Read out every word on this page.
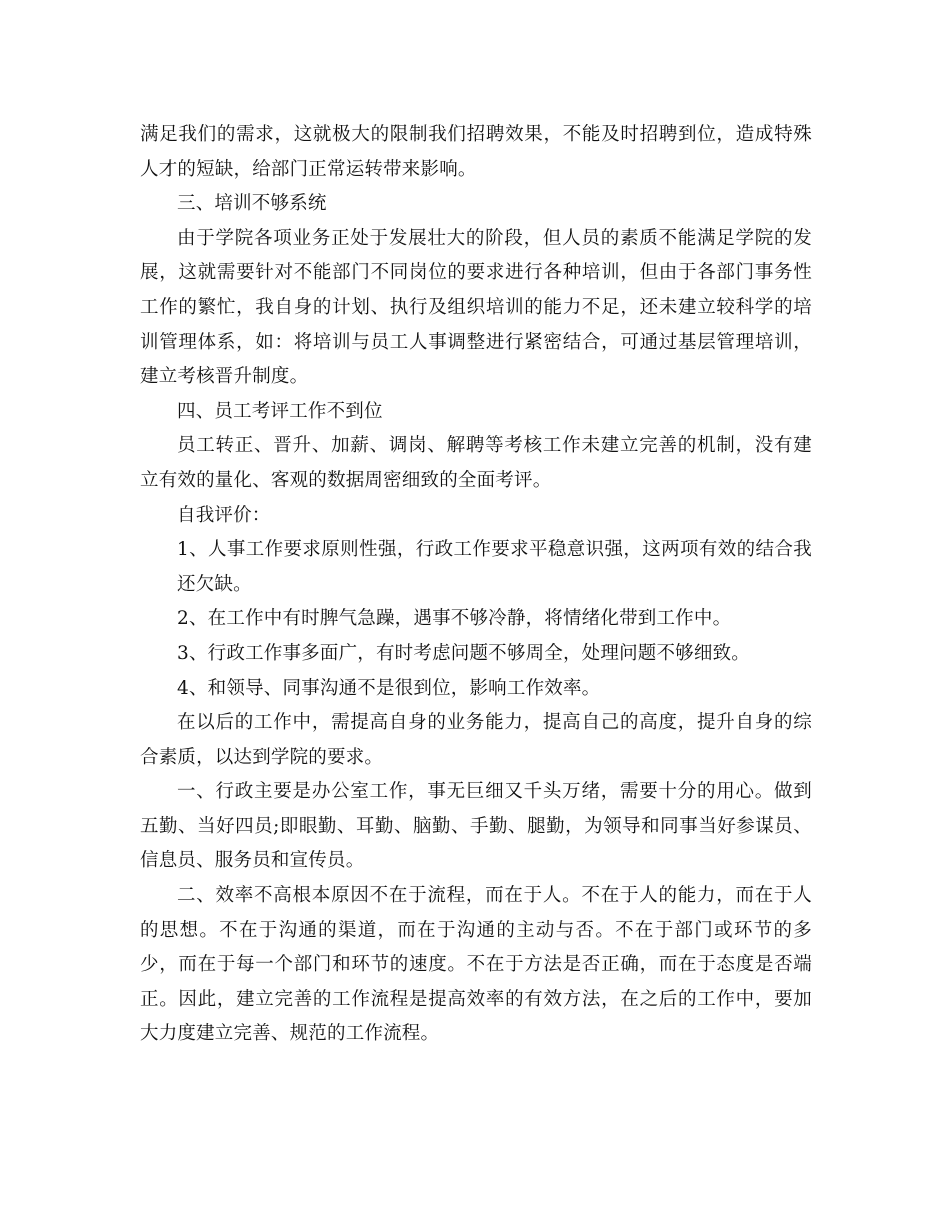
满足我们的需求，这就极大的限制我们招聘效果，不能及时招聘到位，造成特殊人才的短缺，给部门正常运转带来影响。

三、培训不够系统

由于学院各项业务正处于发展壮大的阶段，但人员的素质不能满足学院的发展，这就需要针对不能部门不同岗位的要求进行各种培训，但由于各部门事务性工作的繁忙，我自身的计划、执行及组织培训的能力不足，还未建立较科学的培训管理体系，如：将培训与员工人事调整进行紧密结合，可通过基层管理培训，建立考核晋升制度。

四、员工考评工作不到位

员工转正、晋升、加薪、调岗、解聘等考核工作未建立完善的机制，没有建立有效的量化、客观的数据周密细致的全面考评。

自我评价：

1、人事工作要求原则性强，行政工作要求平稳意识强，这两项有效的结合我还欠缺。

2、在工作中有时脾气急躁，遇事不够冷静，将情绪化带到工作中。

3、行政工作事多面广，有时考虑问题不够周全，处理问题不够细致。

4、和领导、同事沟通不是很到位，影响工作效率。

在以后的工作中，需提高自身的业务能力，提高自己的高度，提升自身的综合素质，以达到学院的要求。

一、行政主要是办公室工作，事无巨细又千头万绪，需要十分的用心。做到五勤、当好四员;即眼勤、耳勤、脑勤、手勤、腿勤，为领导和同事当好参谋员、信息员、服务员和宣传员。

二、效率不高根本原因不在于流程，而在于人。不在于人的能力，而在于人的思想。不在于沟通的渠道，而在于沟通的主动与否。不在于部门或环节的多少，而在于每一个部门和环节的速度。不在于方法是否正确，而在于态度是否端正。因此，建立完善的工作流程是提高效率的有效方法，在之后的工作中，要加大力度建立完善、规范的工作流程。
